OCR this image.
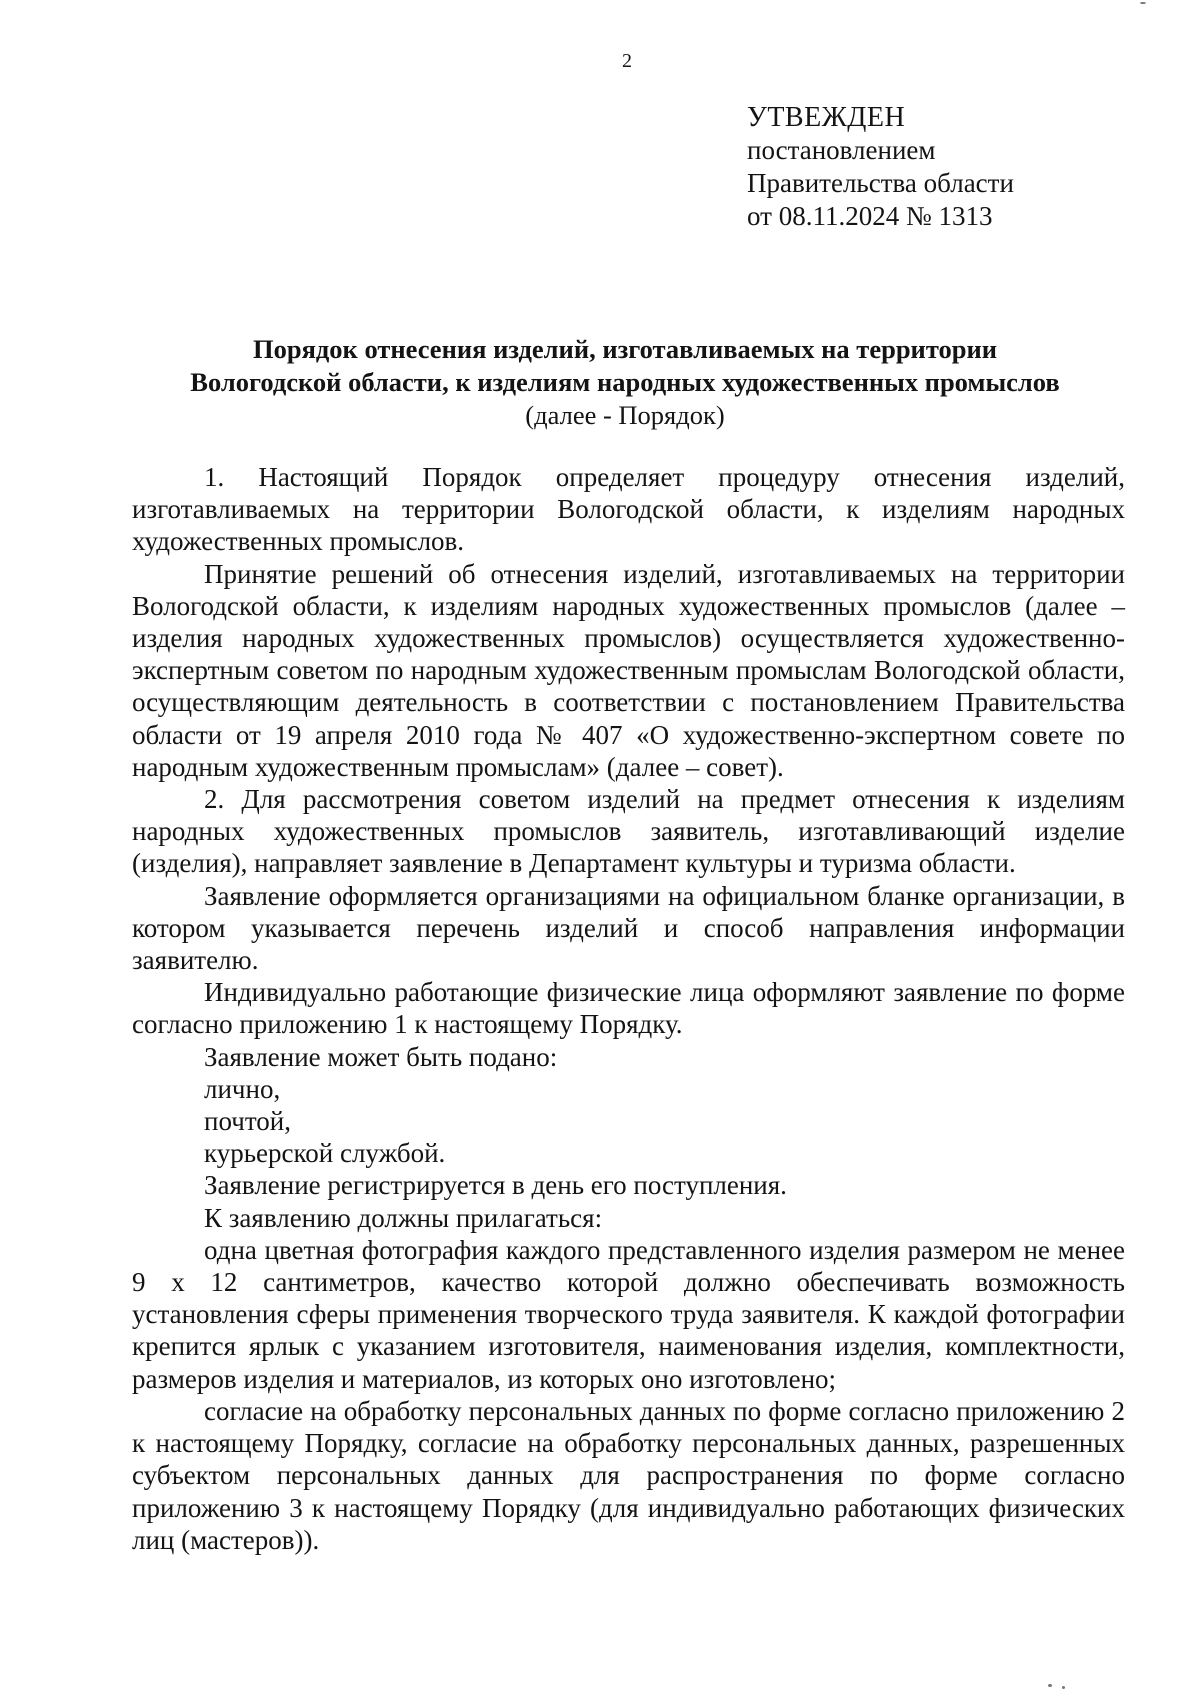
2
УТВЕЖДЕН
постановлением
Правительства области
от 08.11.2024 № 1313
Порядок отнесения изделий, изготавливаемых на территории
Вологодской области, к изделиям народных художественных промыслов
(далее - Порядок)

1. Настоящий Порядок определяет процедуру отнесения изделий, изготавливаемых на территории Вологодской области, к изделиям народных художественных промыслов.

Принятие решений об отнесения изделий, изготавливаемых на территории Вологодской области, к изделиям народных художественных промыслов (далее – изделия народных художественных промыслов) осуществляется художественно-экспертным советом по народным художественным промыслам Вологодской области, осуществляющим деятельность в соответствии с постановлением Правительства области от 19 апреля 2010 года № 407 «О художественно-экспертном совете по народным художественным промыслам» (далее – совет).

2. Для рассмотрения советом изделий на предмет отнесения к изделиям народных художественных промыслов заявитель, изготавливающий изделие (изделия), направляет заявление в Департамент культуры и туризма области.

Заявление оформляется организациями на официальном бланке организации, в котором указывается перечень изделий и способ направления информации заявителю.

Индивидуально работающие физические лица оформляют заявление по форме согласно приложению 1 к настоящему Порядку.

Заявление может быть подано:

лично,

почтой,

курьерской службой.

Заявление регистрируется в день его поступления.

К заявлению должны прилагаться:

одна цветная фотография каждого представленного изделия размером не менее 9 х 12 сантиметров, качество которой должно обеспечивать возможность установления сферы применения творческого труда заявителя. К каждой фотографии крепится ярлык с указанием изготовителя, наименования изделия, комплектности, размеров изделия и материалов, из которых оно изготовлено;

согласие на обработку персональных данных по форме согласно приложению 2 к настоящему Порядку, согласие на обработку персональных данных, разрешенных субъектом персональных данных для распространения по форме согласно приложению 3 к настоящему Порядку (для индивидуально работающих физических лиц (мастеров)).
